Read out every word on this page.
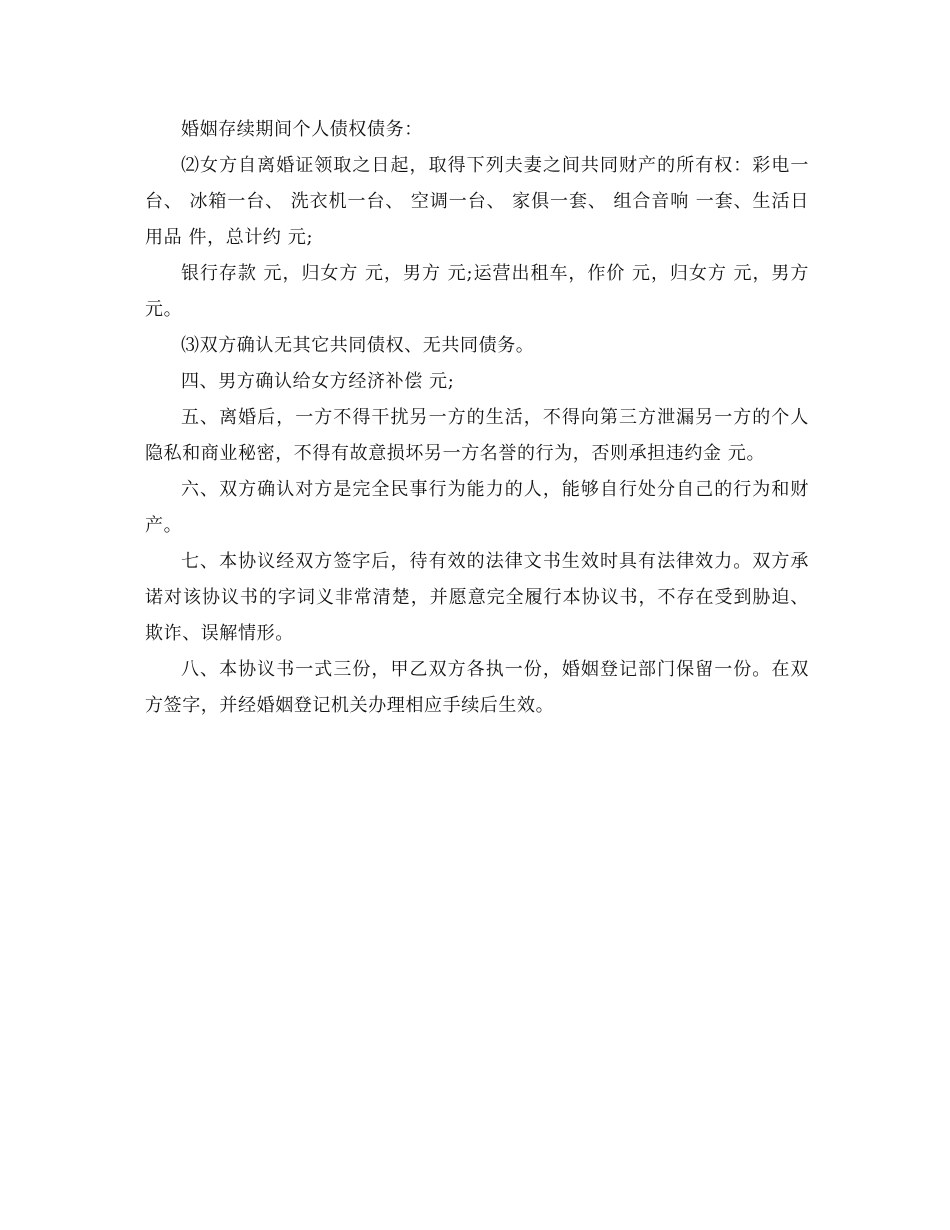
婚姻存续期间个人债权债务：

⑵女方自离婚证领取之日起，取得下列夫妻之间共同财产的所有权：彩电一台、 冰箱一台、 洗衣机一台、 空调一台、 家俱一套、 组合音响 一套、生活日用品 件，总计约 元;

银行存款 元，归女方 元，男方 元;运营出租车，作价 元，归女方 元，男方 元。

⑶双方确认无其它共同债权、无共同债务。

四、男方确认给女方经济补偿 元;

五、离婚后，一方不得干扰另一方的生活，不得向第三方泄漏另一方的个人隐私和商业秘密，不得有故意损坏另一方名誉的行为，否则承担违约金 元。

六、双方确认对方是完全民事行为能力的人，能够自行处分自己的行为和财产。

七、本协议经双方签字后，待有效的法律文书生效时具有法律效力。双方承诺对该协议书的字词义非常清楚，并愿意完全履行本协议书，不存在受到胁迫、欺诈、误解情形。

八、本协议书一式三份，甲乙双方各执一份，婚姻登记部门保留一份。在双方签字，并经婚姻登记机关办理相应手续后生效。
